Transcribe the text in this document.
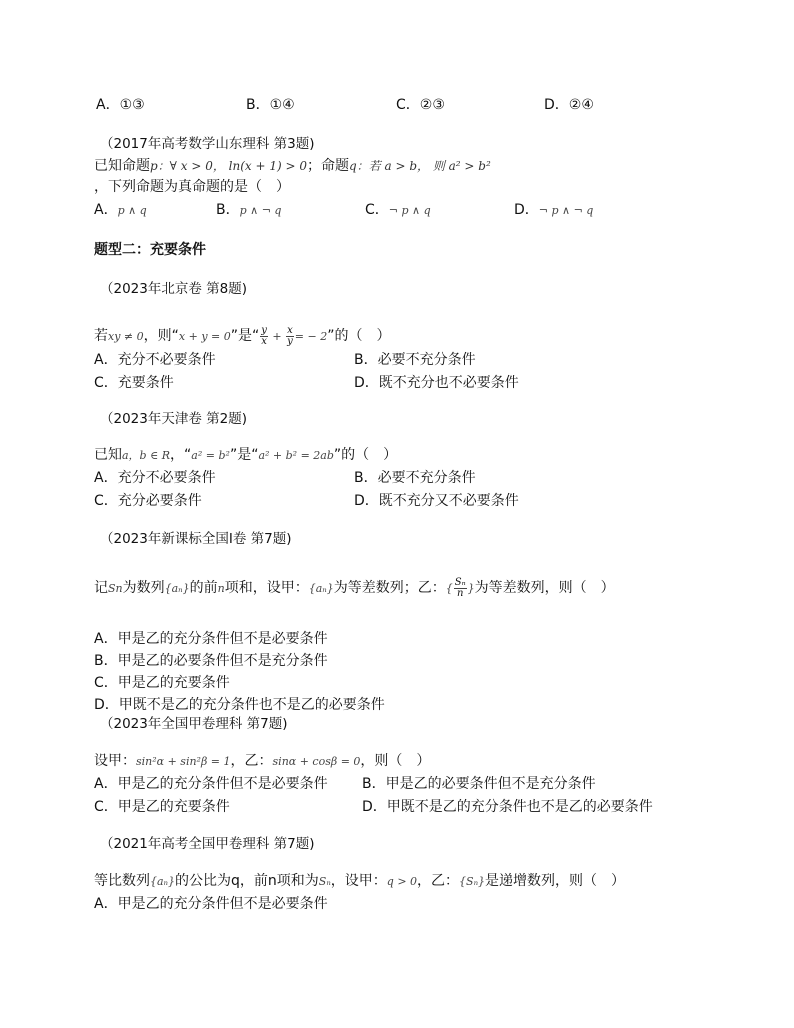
A．①③	B．①④	C．②③	D．②④
（2017年高考数学山东理科 第3题)
已知命题p：∀ x > 0， ln(x + 1) > 0；命题q：若 a > b， 则 a² > b²
，下列命题为真命题的是（　）
A．p ∧ q	B．p ∧ ¬ q	C．¬ p ∧ q	D．¬ p ∧ ¬ q
题型二：充要条件
（2023年北京卷 第8题)
若xy ≠ 0，则“x + y = 0”是“ $\frac{y}{x} + \frac{x}{y}$ = − 2”的（　）
A．充分不必要条件	B．必要不充分条件
C．充要条件	D．既不充分也不必要条件
（2023年天津卷 第2题)
已知a，b ∈ R，“a² = b²”是“a² + b² = 2ab”的（　）
A．充分不必要条件	B．必要不充分条件
C．充分必要条件	D．既不充分又不必要条件
（2023年新课标全国Ⅰ卷 第7题)
记Sn为数列{aₙ}的前n项和，设甲：{aₙ}为等差数列；乙：{ $\frac{\text{Sₙ}}{n}$ }为等差数列，则（　）
A．甲是乙的充分条件但不是必要条件
B．甲是乙的必要条件但不是充分条件
C．甲是乙的充要条件
D．甲既不是乙的充分条件也不是乙的必要条件
（2023年全国甲卷理科 第7题)
设甲：sin²α + sin²β = 1，乙：sinα + cosβ = 0，则（　）
A．甲是乙的充分条件但不是必要条件 B．甲是乙的必要条件但不是充分条件
C．甲是乙的充要条件	D．甲既不是乙的充分条件也不是乙的必要条件
（2021年高考全国甲卷理科 第7题)
等比数列{aₙ}的公比为q，前n项和为Sₙ，设甲：q > 0，乙：{Sₙ}是递增数列，则（　）
A．甲是乙的充分条件但不是必要条件
